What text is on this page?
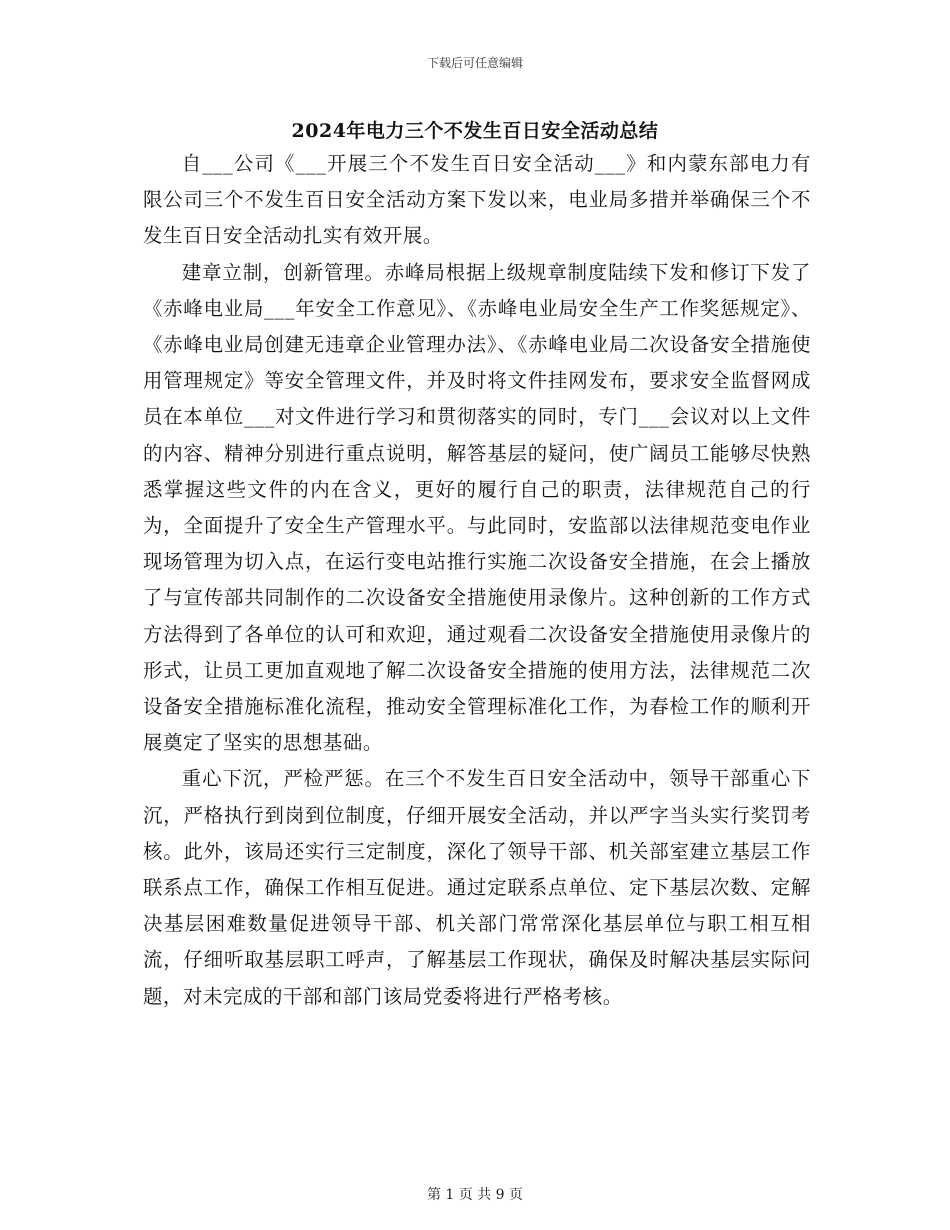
下载后可任意编辑
2024年电力三个不发生百日安全活动总结

自___公司《___开展三个不发生百日安全活动___》和内蒙东部电力有限公司三个不发生百日安全活动方案下发以来，电业局多措并举确保三个不发生百日安全活动扎实有效开展。

建章立制，创新管理。赤峰局根据上级规章制度陆续下发和修订下发了《赤峰电业局___年安全工作意见》、《赤峰电业局安全生产工作奖惩规定》、《赤峰电业局创建无违章企业管理办法》、《赤峰电业局二次设备安全措施使用管理规定》等安全管理文件，并及时将文件挂网发布，要求安全监督网成员在本单位___对文件进行学习和贯彻落实的同时，专门___会议对以上文件的内容、精神分别进行重点说明，解答基层的疑问，使广阔员工能够尽快熟悉掌握这些文件的内在含义，更好的履行自己的职责，法律规范自己的行为，全面提升了安全生产管理水平。与此同时，安监部以法律规范变电作业现场管理为切入点，在运行变电站推行实施二次设备安全措施，在会上播放了与宣传部共同制作的二次设备安全措施使用录像片。这种创新的工作方式方法得到了各单位的认可和欢迎，通过观看二次设备安全措施使用录像片的形式，让员工更加直观地了解二次设备安全措施的使用方法，法律规范二次设备安全措施标准化流程，推动安全管理标准化工作，为春检工作的顺利开展奠定了坚实的思想基础。

重心下沉，严检严惩。在三个不发生百日安全活动中，领导干部重心下沉，严格执行到岗到位制度，仔细开展安全活动，并以严字当头实行奖罚考核。此外，该局还实行三定制度，深化了领导干部、机关部室建立基层工作联系点工作，确保工作相互促进。通过定联系点单位、定下基层次数、定解决基层困难数量促进领导干部、机关部门常常深化基层单位与职工相互相流，仔细听取基层职工呼声，了解基层工作现状，确保及时解决基层实际问题，对未完成的干部和部门该局党委将进行严格考核。

第 1 页 共 9 页
